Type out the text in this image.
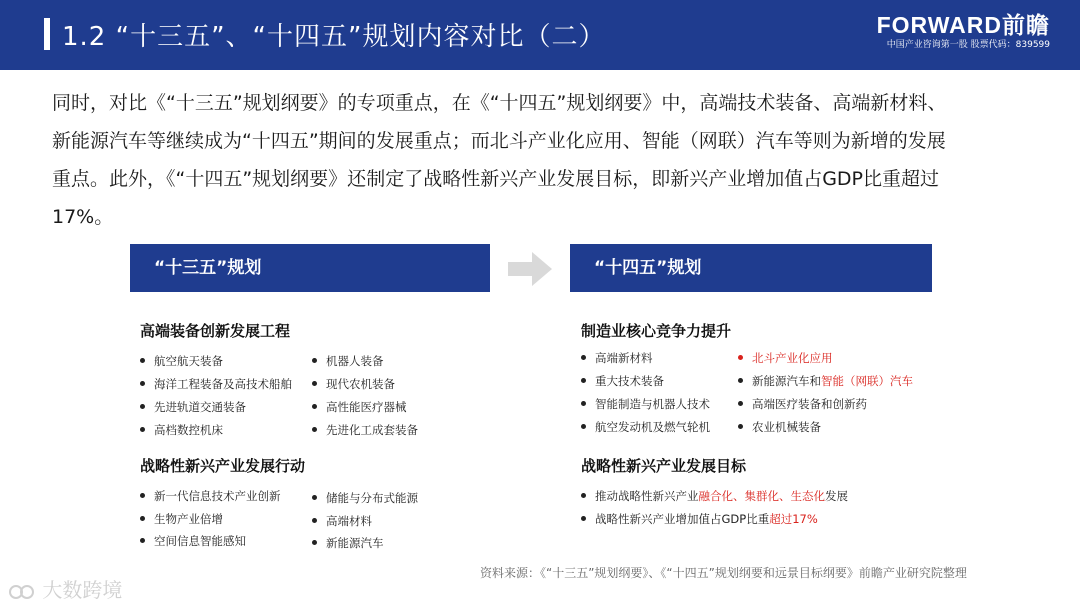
1.2 “十三五”、“十四五”规划内容对比（二）	FORWARD前瞻
中国产业咨询第一股 股票代码：839599

同时，对比《“十三五”规划纲要》的专项重点，在《“十四五”规划纲要》中，高端技术装备、高端新材料、

新能源汽车等继续成为“十四五”期间的发展重点；而北斗产业化应用、智能（网联）汽车等则为新增的发展

重点。此外，《“十四五”规划纲要》还制定了战略性新兴产业发展目标，即新兴产业增加值占GDP比重超过

17%。

“十三五”规划	“十四五”规划
高端装备创新发展工程
航空航天装备	机器人装备
海洋工程装备及高技术船舶	现代农机装备
先进轨道交通装备	高性能医疗器械
高档数控机床	先进化工成套装备
战略性新兴产业发展行动
新一代信息技术产业创新	储能与分布式能源
生物产业倍增	高端材料
空间信息智能感知	新能源汽车
制造业核心竞争力提升
高端新材料	北斗产业化应用
重大技术装备	新能源汽车和智能（网联）汽车
智能制造与机器人技术	高端医疗装备和创新药
航空发动机及燃气轮机	农业机械装备
战略性新兴产业发展目标
推动战略性新兴产业融合化、集群化、生态化发展
战略性新兴产业增加值占GDP比重超过17%
资料来源：《“十三五”规划纲要》、《“十四五”规划纲要和远景目标纲要》前瞻产业研究院整理
大数跨境
